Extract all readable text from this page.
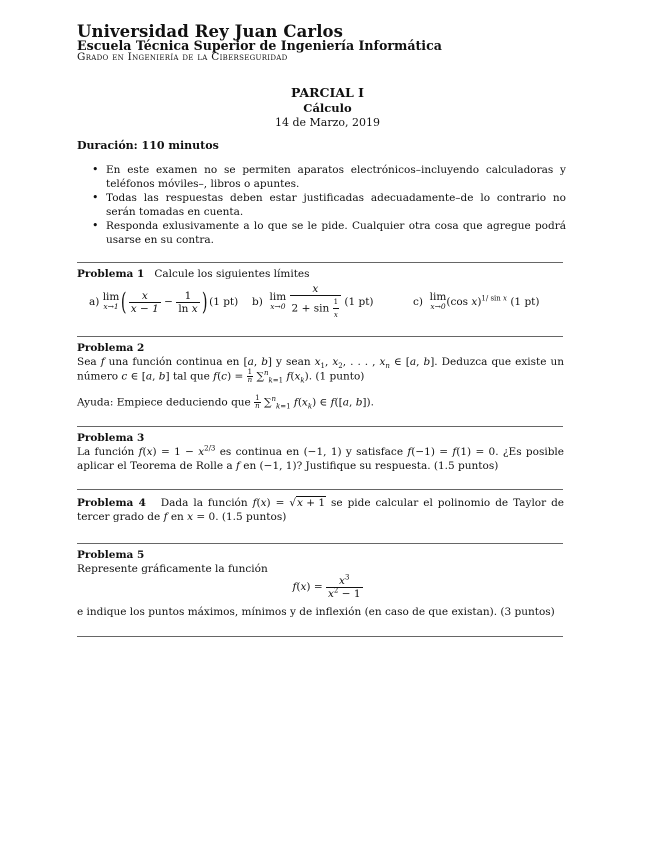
Universidad Rey Juan Carlos
Escuela Técnica Superior de Ingeniería Informática
Grado en Ingeniería de la Ciberseguridad
PARCIAL I
Cálculo
14 de Marzo, 2019
Duración: 110 minutos
• En este examen no se permiten aparatos electrónicos–incluyendo calculadoras y teléfonos móviles–, libros o apuntes.
• Todas las respuestas deben estar justificadas adecuadamente–de lo contrario no serán tomadas en cuenta.
• Responda exlusivamente a lo que se le pide. Cualquier otra cosa que agregue podrá usarse en su contra.
Problema 1 Calcule los siguientes límites
a)
lim
x→1 ( $\frac{x}{x - 1} - \frac{1}{\text{ln x}}$ ) (1 pt) b)
lim
x→0
$\frac{x}{2 + \sin \frac{1}{x}}$
(1 pt)	c)
lim
x→0 (cos x)$^{1/ sin x}$
(1 pt)
Problema 2
Sea f una función continua en [a, b] y sean $x_1$, $x_2$, . . . , $x_n$ ∈ [a, b]. Deduzca que existe un número c ∈ [a, b] tal que $f(c) = \frac{1}{n} \sum^n_{k=1}$ $f(x_k)$. (1 punto)
Ayuda: Empiece deduciendo que $\frac{1}{n} \sum^n_{k=1}$ $f(x_k)$ ∈ f([a, b]).
Problema 3
La función $f(x) = 1 - x^{2/3}$ es continua en (−1, 1) y satisface f(−1) = f(1) = 0. ¿Es posible aplicar el Teorema de Rolle a f en (−1, 1)? Justifique su respuesta. (1.5 puntos)
Problema 4 Dada la función f(x) = √x + 1 se pide calcular el polinomio de Taylor de tercer grado de f en x = 0. (1.5 puntos)
Problema 5
Represente gráficamente la función
$f(x) = \frac{x^3}{x^2 - 1}$
e indique los puntos máximos, mínimos y de inflexión (en caso de que existan). (3 puntos)
